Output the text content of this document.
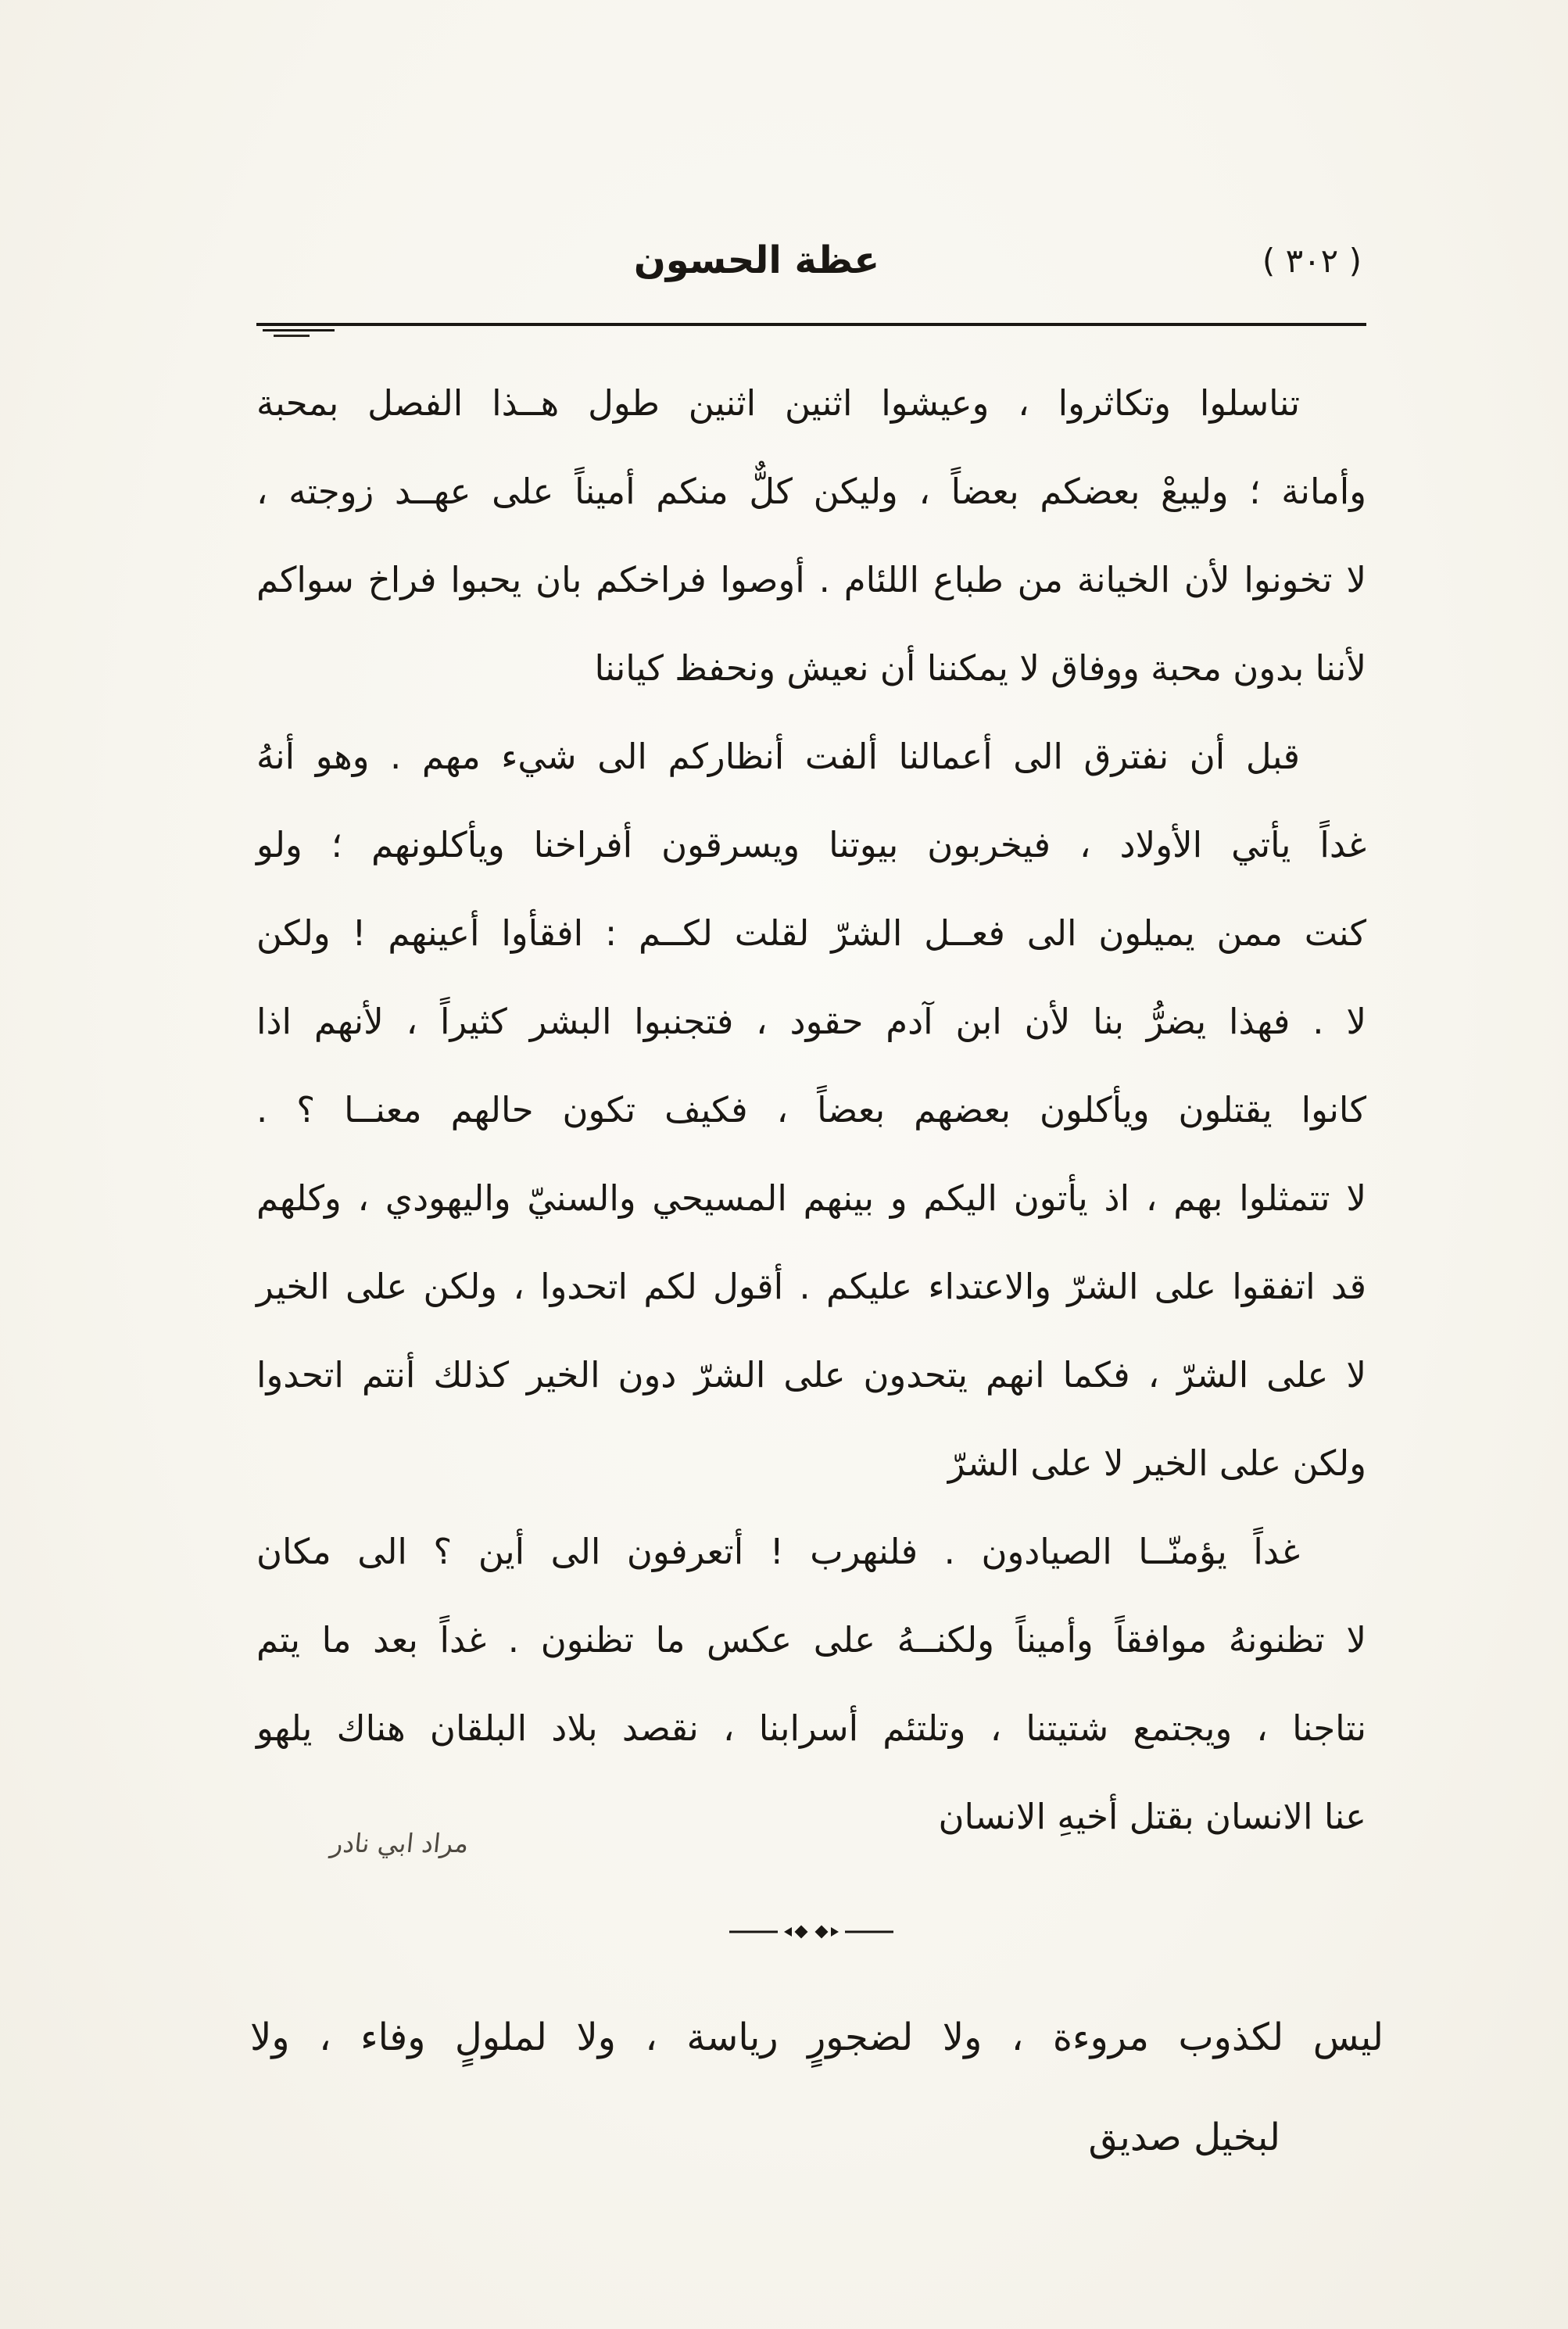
( ٣٠٢ )
عظة الحسون

تناسلوا وتكاثروا ، وعيشوا اثنين اثنين طول هــذا الفصل بمحبة

وأمانة ؛ وليبعْ بعضكم بعضاً ، وليكن كلٌّ منكم أميناً على عهــد زوجته ،

لا تخونوا لأن الخيانة من طباع اللئام . أوصوا فراخكم بان يحبوا فراخ سواكم

لأننا بدون محبة ووفاق لا يمكننا أن نعيش ونحفظ كياننا

قبل أن نفترق الى أعمالنا ألفت أنظاركم الى شيء مهم . وهو أنهُ

غداً يأتي الأولاد ، فيخربون بيوتنا ويسرقون أفراخنا ويأكلونهم ؛ ولو

كنت ممن يميلون الى فعــل الشرّ لقلت لكــم : افقأوا أعينهم ! ولكن

لا . فهذا يضرُّ بنا لأن ابن آدم حقود ، فتجنبوا البشر كثيراً ، لأنهم اذا

كانوا يقتلون ويأكلون بعضهم بعضاً ، فكيف تكون حالهم معنــا ؟ .

لا تتمثلوا بهم ، اذ يأتون اليكم و بينهم المسيحي والسنيّ واليهودي ، وكلهم

قد اتفقوا على الشرّ والاعتداء عليكم . أقول لكم اتحدوا ، ولكن على الخير

لا على الشرّ ، فكما انهم يتحدون على الشرّ دون الخير كذلك أنتم اتحدوا

ولكن على الخير لا على الشرّ

غداً يؤمنّــا الصيادون . فلنهرب ! أتعرفون الى أين ؟ الى مكان

لا تظنونهُ موافقاً وأميناً ولكنــهُ على عكس ما تظنون . غداً بعد ما يتم

نتاجنا ، ويجتمع شتيتنا ، وتلتئم أسرابنا ، نقصد بلاد البلقان هناك يلهو

عنا الانسان بقتل أخيهِ الانسان

مراد ابي نادر

ليس لكذوب مروءة ، ولا لضجورٍ رياسة ، ولا لملولٍ وفاء ، ولا

لبخيل صديق
